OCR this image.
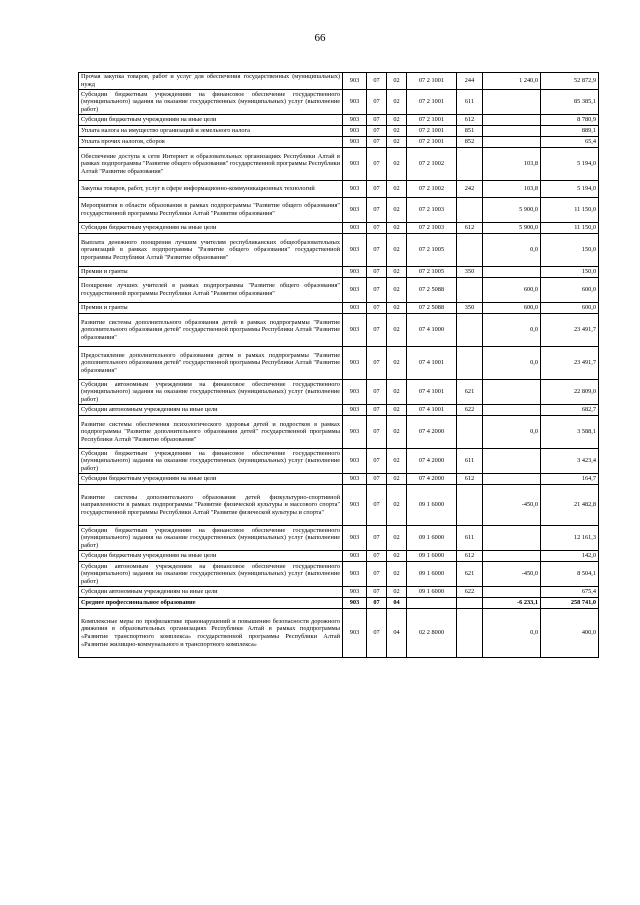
66
Прочая закупка товаров, работ и услуг для обеспечения государственных (муниципальных) нужд	903	07	02	07 2 1001	244	1 240,0	52 872,9
Субсидии бюджетным учреждениям на финансовое обеспечение государственного (муниципального) задания на оказание государственных (муниципальных) услуг (выполнение работ)	903	07	02	07 2 1001	611		85 385,1
Субсидии бюджетным учреждениям на иные цели	903	07	02	07 2 1001	612		8 780,9
Уплата налога на имущество организаций и земельного налога	903	07	02	07 2 1001	851		889,1
Уплата прочих налогов, сборов	903	07	02	07 2 1001	852		65,4
Обеспечение доступа к сети Интернет и образовательных организациях Республики Алтай в рамках подпрограммы "Развитие общего образования" государственной программы Республики Алтай "Развитие образования"	903	07	02	07 2 1002		103,8	5 194,0
Закупка товаров, работ, услуг в сфере информационно-коммуникационных технологий	903	07	02	07 2 1002	242	103,8	5 194,0
Мероприятия в области образования в рамках подпрограммы "Развитие общего образования" государственной программы Республики Алтай "Развитие образования"	903	07	02	07 2 1003		5 900,0	11 150,0
Субсидии бюджетным учреждениям на иные цели	903	07	02	07 2 1003	612	5 900,0	11 150,0
Выплата денежного поощрения лучшим учителям республиканских общеобразовательных организаций в рамках подпрограммы "Развитие общего образования" государственной программы Республики Алтай "Развитие образования"	903	07	02	07 2 1005		0,0	150,0
Премии и гранты	903	07	02	07 2 1005	350		150,0
Поощрение лучших учителей в рамках подпрограммы "Развитие общего образования" государственной программы Республики Алтай "Развитие образования"	903	07	02	07 2 5088		600,0	600,0
Премии и гранты	903	07	02	07 2 5088	350	600,0	600,0
Развитие системы дополнительного образования детей в рамках подпрограммы "Развитие дополнительного образования детей" государственной программы Республики Алтай "Развитие образования"	903	07	02	07 4 1000		0,0	23 491,7
Предоставление дополнительного образования детям в рамках подпрограммы "Развитие дополнительного образования детей" государственной программы Республики Алтай "Развитие образования"	903	07	02	07 4 1001		0,0	23 491,7
Субсидии автономным учреждениям на финансовое обеспечение государственного (муниципального) задания на оказание государственных (муниципальных) услуг (выполнение работ)	903	07	02	07 4 1001	621		22 809,0
Субсидии автономным учреждениям на иные цели	903	07	02	07 4 1001	622		682,7
Развитие системы обеспечения психологического здоровья детей и подростков в рамках подпрограммы "Развитие дополнительного образования детей" государственной программы Республики Алтай "Развитие образования"	903	07	02	07 4 2000		0,0	3 588,1
Субсидии бюджетным учреждениям на финансовое обеспечение государственного (муниципального) задания на оказание государственных (муниципальных) услуг (выполнение работ)	903	07	02	07 4 2000	611		3 423,4
Субсидии бюджетным учреждениям на иные цели	903	07	02	07 4 2000	612		164,7
Развитие системы дополнительного образования детей физкультурно-спортивной направленности в рамках подпрограммы "Развитие физической культуры и массового спорта" государственной программы Республики Алтай "Развитие физической культуры и спорта"	903	07	02	09 1 6000		-450,0	21 482,8
Субсидии бюджетным учреждениям на финансовое обеспечение государственного (муниципального) задания на оказание государственных (муниципальных) услуг (выполнение работ)	903	07	02	09 1 6000	611		12 161,3
Субсидии бюджетным учреждениям на иные цели	903	07	02	09 1 6000	612		142,0
Субсидии автономным учреждениям на финансовое обеспечение государственного (муниципального) задания на оказание государственных (муниципальных) услуг (выполнение работ)	903	07	02	09 1 6000	621	-450,0	8 504,1
Субсидии автономным учреждениям на иные цели	903	07	02	09 1 6000	622		675,4
Среднее профессиональное образование	903	07	04			-6 233,1	258 741,0
Комплексные меры по профилактике правонарушений и повышению безопасности дорожного движения в образовательных организациях Республики Алтай в рамках подпрограммы «Развитие транспортного комплекса» государственной программы Республики Алтай «Развитие жилищно-коммунального и транспортного комплекса»	903	07	04	02 2 8000		0,0	400,0
